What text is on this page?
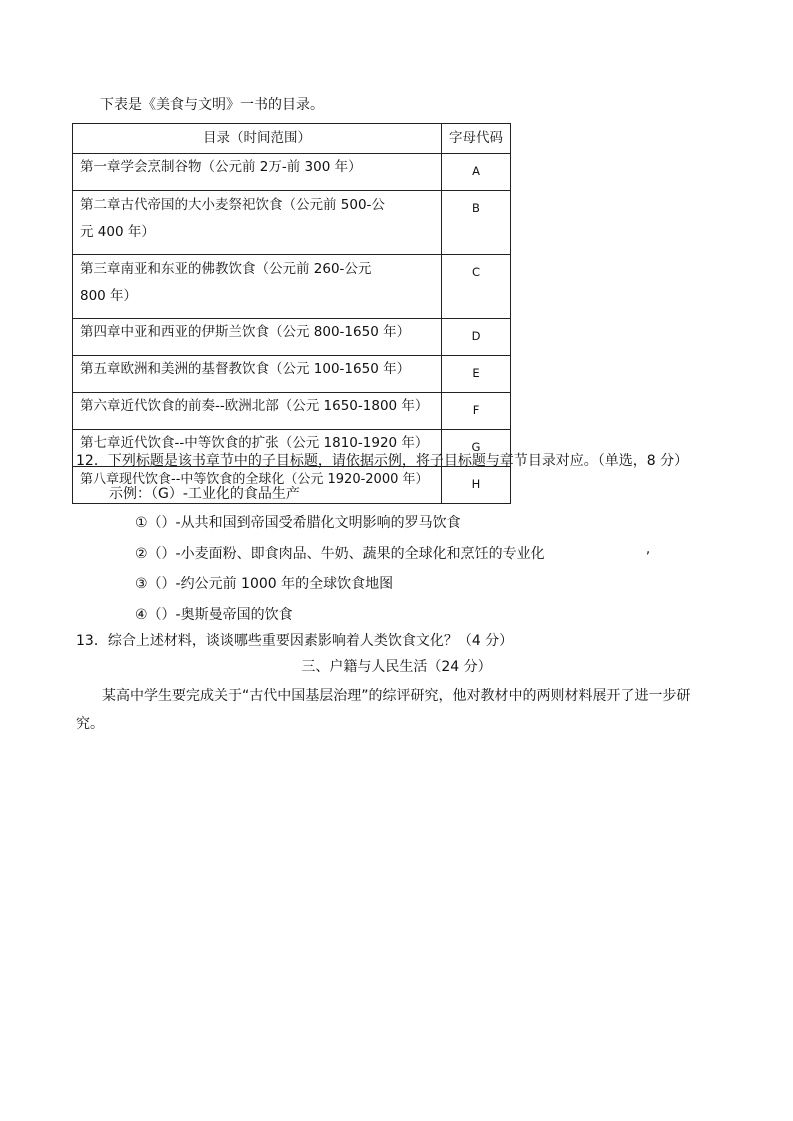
下表是《美食与文明》一书的目录。
目录（时间范围）	字母代码
第一章学会烹制谷物（公元前 2万-前 300 年）	A
第二章古代帝国的大小麦祭祀饮食（公元前 500-公元 400 年）	B
第三章南亚和东亚的佛教饮食（公元前 260-公元 800 年）	C
第四章中亚和西亚的伊斯兰饮食（公元 800-1650 年）	D
第五章欧洲和美洲的基督教饮食（公元 100-1650 年）	E
第六章近代饮食的前奏--欧洲北部（公元 1650-1800 年）	F
第七章近代饮食--中等饮食的扩张（公元 1810-1920 年）	G
第八章现代饮食--中等饮食的全球化（公元 1920-2000 年）	H
12．下列标题是该书章节中的子目标题，请依据示例，将子目标题与章节目录对应。（单选，8 分）
示例：（G）-工业化的食品生产
①（）-从共和国到帝国受希腊化文明影响的罗马饮食
②（）-小麦面粉、即食肉品、牛奶、蔬果的全球化和烹饪的专业化	,
③（）-约公元前 1000 年的全球饮食地图
④（）-奥斯曼帝国的饮食
13．综合上述材料，谈谈哪些重要因素影响着人类饮食文化？（4 分）
三、户籍与人民生活（24 分）
某高中学生要完成关于“古代中国基层治理”的综评研究，他对教材中的两则材料展开了进一步研
究。
